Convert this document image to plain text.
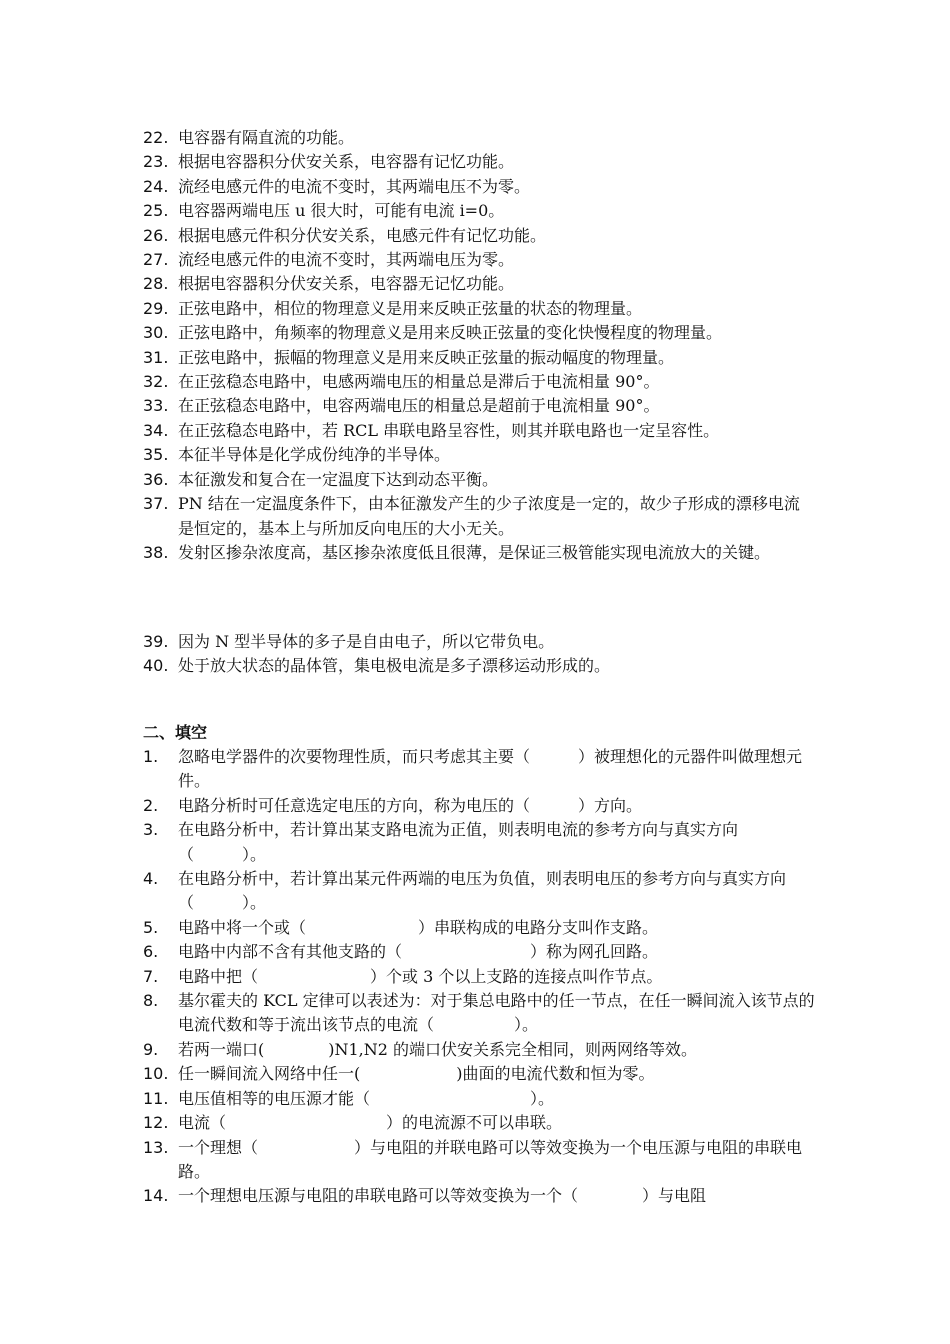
22. 电容器有隔直流的功能。
23. 根据电容器积分伏安关系，电容器有记忆功能。
24. 流经电感元件的电流不变时，其两端电压不为零。
25. 电容器两端电压 u 很大时，可能有电流 i=0。
26. 根据电感元件积分伏安关系，电感元件有记忆功能。
27. 流经电感元件的电流不变时，其两端电压为零。
28. 根据电容器积分伏安关系，电容器无记忆功能。
29. 正弦电路中，相位的物理意义是用来反映正弦量的状态的物理量。
30. 正弦电路中，角频率的物理意义是用来反映正弦量的变化快慢程度的物理量。
31. 正弦电路中，振幅的物理意义是用来反映正弦量的振动幅度的物理量。
32. 在正弦稳态电路中，电感两端电压的相量总是滞后于电流相量 90°。
33. 在正弦稳态电路中，电容两端电压的相量总是超前于电流相量 90°。
34. 在正弦稳态电路中，若 RCL 串联电路呈容性，则其并联电路也一定呈容性。
35. 本征半导体是化学成份纯净的半导体。
36. 本征激发和复合在一定温度下达到动态平衡。
37. PN 结在一定温度条件下，由本征激发产生的少子浓度是一定的，故少子形成的漂移电流是恒定的，基本上与所加反向电压的大小无关。
38. 发射区掺杂浓度高，基区掺杂浓度低且很薄，是保证三极管能实现电流放大的关键。
39. 因为 N 型半导体的多子是自由电子，所以它带负电。
40. 处于放大状态的晶体管，集电极电流是多子漂移运动形成的。
二、填空
1.	忽略电学器件的次要物理性质，而只考虑其主要（　　　）被理想化的元器件叫做理想元件。
2.	电路分析时可任意选定电压的方向，称为电压的（　　　）方向。
3.	在电路分析中，若计算出某支路电流为正值，则表明电流的参考方向与真实方向（　　　）。
4.	在电路分析中，若计算出某元件两端的电压为负值，则表明电压的参考方向与真实方向（　　　）。
5.	电路中将一个或（　　　　　　　）串联构成的电路分支叫作支路。
6.	电路中内部不含有其他支路的（　　　　　　　　）称为网孔回路。
7.	电路中把（　　　　　　　）个或 3 个以上支路的连接点叫作节点。
8.	基尔霍夫的 KCL 定律可以表述为：对于集总电路中的任一节点，在任一瞬间流入该节点的电流代数和等于流出该节点的电流（　　　　　）。
9.	若两一端口(　　　　)N1,N2 的端口伏安关系完全相同，则两网络等效。
10. 任一瞬间流入网络中任一(　　　　　　)曲面的电流代数和恒为零。
11. 电压值相等的电压源才能（　　　　　　　　　　）。
12. 电流（　　　　　　　　　　）的电流源不可以串联。
13. 一个理想（　　　　　　）与电阻的并联电路可以等效变换为一个电压源与电阻的串联电路。
14. 一个理想电压源与电阻的串联电路可以等效变换为一个（　　　　）与电阻
